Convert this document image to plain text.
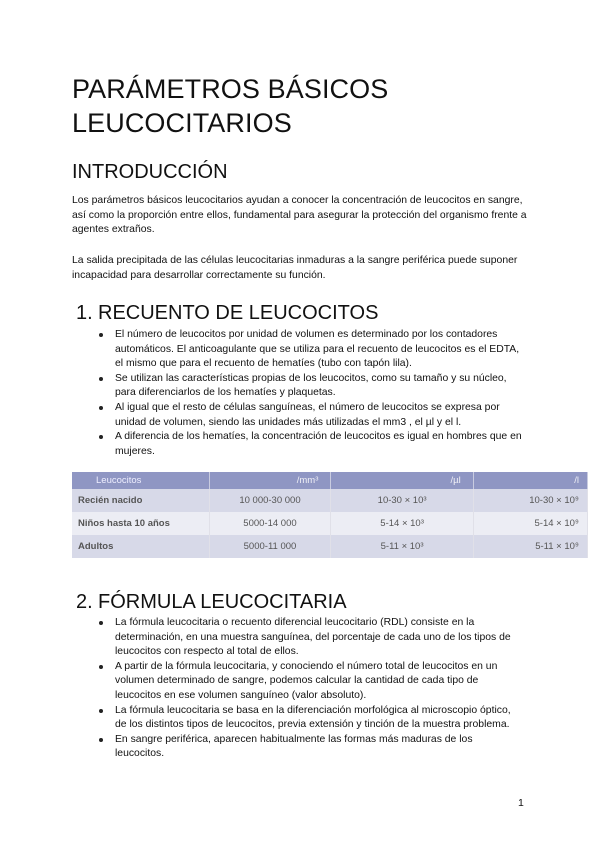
PARÁMETROS BÁSICOS LEUCOCITARIOS
INTRODUCCIÓN

Los parámetros básicos leucocitarios ayudan a conocer la concentración de leucocitos en sangre, así como la proporción entre ellos, fundamental para asegurar la protección del organismo frente a agentes extraños.

La salida precipitada de las células leucocitarias inmaduras a la sangre periférica puede suponer incapacidad para desarrollar correctamente su función.

1. RECUENTO DE LEUCOCITOS
El número de leucocitos por unidad de volumen es determinado por los contadores automáticos. El anticoagulante que se utiliza para el recuento de leucocitos es el EDTA, el mismo que para el recuento de hematíes (tubo con tapón lila).
Se utilizan las características propias de los leucocitos, como su tamaño y su núcleo, para diferenciarlos de los hematíes y plaquetas.
Al igual que el resto de células sanguíneas, el número de leucocitos se expresa por unidad de volumen, siendo las unidades más utilizadas el mm3 , el µl y el l.
A diferencia de los hematíes, la concentración de leucocitos es igual en hombres que en mujeres.
Leucocitos	/mm³	/µl	/l
Recién nacido	10 000-30 000	10-30 × 10³	10-30 × 10⁹
Niños hasta 10 años	5000-14 000	5-14 × 10³	5-14 × 10⁹
Adultos	5000-11 000	5-11 × 10³	5-11 × 10⁹
2. FÓRMULA LEUCOCITARIA
La fórmula leucocitaria o recuento diferencial leucocitario (RDL) consiste en la determinación, en una muestra sanguínea, del porcentaje de cada uno de los tipos de leucocitos con respecto al total de ellos.
A partir de la fórmula leucocitaria, y conociendo el número total de leucocitos en un volumen determinado de sangre, podemos calcular la cantidad de cada tipo de leucocitos en ese volumen sanguíneo (valor absoluto).
La fórmula leucocitaria se basa en la diferenciación morfológica al microscopio óptico, de los distintos tipos de leucocitos, previa extensión y tinción de la muestra problema.
En sangre periférica, aparecen habitualmente las formas más maduras de los leucocitos.
1
